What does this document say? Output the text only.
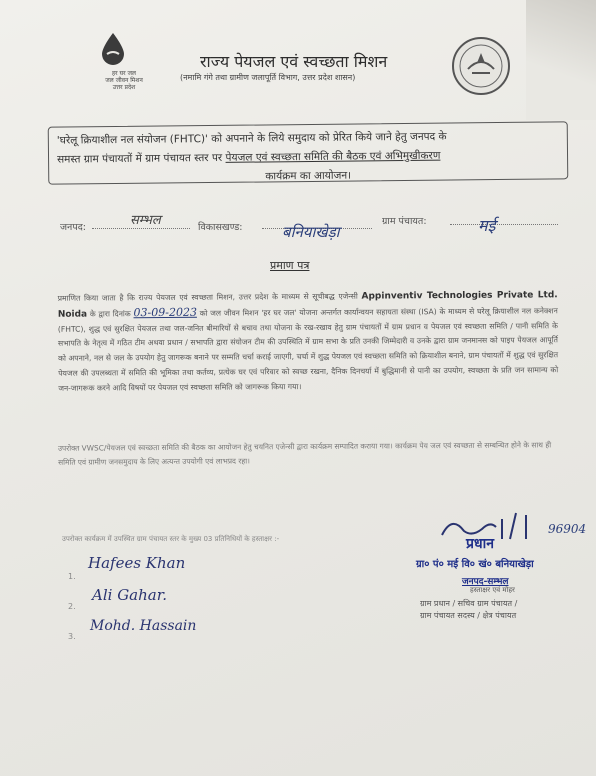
हर घर जल
जल जीवन मिशन
उत्तर प्रदेश
राज्य पेयजल एवं स्वच्छता मिशन
(नमामि गंगे तथा ग्रामीण जलापूर्ति विभाग, उत्तर प्रदेश शासन)
'घरेलू क्रियाशील नल संयोजन (FHTC)' को अपनाने के लिये समुदाय को प्रेरित किये जाने हेतु जनपद के
समस्त ग्राम पंचायतों में ग्राम पंचायत स्तर पर पेयजल एवं स्वच्छता समिति की बैठक एवं अभिमुखीकरण
कार्यक्रम का आयोजन।
जनपद:	सम्भल	विकासखण्ड:	बनियाखेड़ा
ग्राम पंचायत:	मई
प्रमाण पत्र
प्रमाणित किया जाता है कि राज्य पेयजल एवं स्वच्छता मिशन, उत्तर प्रदेश के माध्यम से सूचीबद्ध एजेन्सी Appinventiv Technologies Private Ltd. Noida के द्वारा दिनांक 03-09-2023 को जल जीवन मिशन 'हर घर जल' योजना अन्तर्गत कार्यान्वयन सहायता संस्था (ISA) के माध्यम से घरेलू क्रियाशील नल कनेक्शन (FHTC), शुद्ध एवं सुरक्षित पेयजल तथा जल-जनित बीमारियों से बचाव तथा योजना के रख-रखाव हेतु ग्राम पंचायतों में ग्राम प्रधान व पेयजल एवं स्वच्छता समिति / पानी समिति के सभापति के नेतृत्व में गठित टीम अथवा प्रधान / सभापति द्वारा संयोजन टीम की उपस्थिति में ग्राम सभा के प्रति उनकी जिम्मेदारी व उनके द्वारा ग्राम जनमानस को पाइप पेयजल आपूर्ति को अपनाने, नल से जल के उपयोग हेतु जागरूक बनाने पर सम्मति चर्चा कराई जाएगी, चर्चा में शुद्ध पेयजल एवं स्वच्छता समिति को क्रियाशील बनाने, ग्राम पंचायतों में शुद्ध एवं सुरक्षित पेयजल की उपलब्धता में समिति की भूमिका तथा कर्तव्य, प्रत्येक घर एवं परिवार को स्वच्छ रखना, दैनिक दिनचर्या में बुद्धिमानी से पानी का उपयोग, स्वच्छता के प्रति जन सामान्य को जन-जागरूक करने आदि विषयों पर पेयजल एवं स्वच्छता समिति को जागरूक किया गया।
उपरोक्त VWSC/पेयजल एवं स्वच्छता समिति की बैठक का आयोजन हेतु चयनित एजेन्सी द्वारा कार्यक्रम सम्पादित कराया गया। कार्यक्रम पेय जल एवं स्वच्छता से सम्बन्धित होने के साथ ही समिति एवं ग्रामीण जनसमुदाय के लिए अत्यन्त उपयोगी एवं लाभप्रद रहा।
उपरोक्त कार्यक्रम में उपस्थित ग्राम पंचायत स्तर के मुख्य 03 प्रतिनिधियों के हस्ताक्षर :-
1.
Hafees Khan
2.
Ali Gahar.
3.
Mohd. Hassain
96904
प्रधान
ग्रा० पं० मई वि० खं० बनियाखेड़ा
जनपद-सम्भल
हस्ताक्षर एवं मोहर
ग्राम प्रधान / सचिव ग्राम पंचायत /
ग्राम पंचायत सदस्य / क्षेत्र पंचायत
